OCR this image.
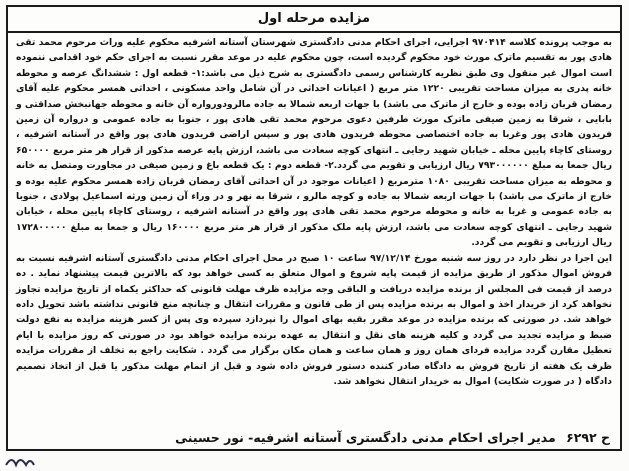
مزایده مرحله اول

به موجب پرونده کلاسه ۹۷۰۴۱۴ اجرایی، اجرای احکام مدنی دادگستری شهرستان آستانه اشرفیه محکوم علیه وراث مرحوم محمد تقی هادی پور به تقسیم ماترک مورث خود محکوم گردیده است، چون محکوم علیه در موعد مقرر نسبت به اجرای حکم خود اقدامی ننموده است اموال غیر منقول وی طبق نظریه کارشناس رسمی دادگستری به شرح ذیل می باشد:۱- قطعه اول : ششدانگ عرصه و محوطه خانه پدری به میزان مساحت تقریبی ۱۲۲۰ متر مربع ( اعیانات احداثی در آن شامل واحد مسکونی ، احداثی همسر محکوم علیه آقای رمضان قربان زاده بوده و خارج از ماترک می باشد) با جهات اربعه شمالا به جاده مالرودورواره آن خانه و محوطه جهانبخش صداقتی و بابایی ، شرقا به زمین صیفی ماترک مورث طرفین دعوی مرحوم محمد تقی هادی پور ، جنوبا به جاده عمومی و درواره آن زمین فریدون هادی پور وغربا به جاده اختصاصی محوطه فریدون هادی پور و سپس اراضی فریدون هادی پور واقع در آستانه اشرفیه ، روستای کاچاء پایین محله ـ خیابان شهید رجایی ـ انتهای کوچه سعادت می باشد، ارزش پایه عرصه مذکور از قرار هر متر مربع ۶۵۰۰۰۰ ریال جمعا به مبلغ ۷۹۳۰۰۰۰۰۰ ریال ارزیابی و تقویم می گردد.۲- قطعه دوم : یک قطعه باغ و زمین صیفی در مجاورت ومتصل به خانه و محوطه به میزان مساحت تقریبی ۱۰۸۰ مترمربع ( اعیانات موجود در آن احداثی آقای رمضان قربان زاده همسر محکوم علیه بوده و خارج از ماترک می باشد) با جهات اربعه شمالا به جاده و کوچه مالرو ، شرقا به نهر و در وراء آن زمین ورثه اسماعیل پولادی ، جنوبا به جاده عمومی و غربا به خانه و محوطه مرحوم محمد تقی هادی پور واقع در آستانه اشرفیه ، روستای کاچاء پایین محله ، خیابان شهید رجایی ـ انتهای کوچه سعادت می باشد، ارزش پایه ملک مذکور از قرار هر متر مربع ۱۶۰۰۰۰ ریال و جمعا به مبلغ ۱۷۲۸۰۰۰۰۰ ریال ارزیابی و تقویم می گردد.

این اجرا در نظر دارد در روز سه شنبه مورخ ۹۷/۱۲/۱۴ ساعت ۱۰ صبح در محل اجرای احکام مدنی دادگستری آستانه اشرفیه نسبت به فروش اموال مذکور از طریق مزایده از قیمت پایه شروع و اموال متعلق به کسی خواهد بود که بالاترین قیمت پیشنهاد نماید . ده درصد از قیمت فی المجلس از برنده مزایده دریافت و الباقی وجه مزایده ظرف مهلت قانونی که حداکثر یکماه از تاریخ مزایده تجاوز نخواهد کرد از خریدار اخذ و اموال به برنده مزایده پس از طی قانون و مقررات انتقال و چنانچه منع قانونی نداشته باشد تحویل داده خواهد شد. در صورتی که برنده مزایده در موعد مقرر بقیه بهای اموال را نپردازد سپرده وی پس از کسر هزینه مزایده به نفع دولت ضبط و مزایده تجدید می گردد و کلیه هزینه های نقل و انتقال به عهده برنده مزایده خواهد بود در صورتی که روز مزایده با ایام تعطیل مقارن گردد مزایده فردای همان روز و همان ساعت و همان مکان برگزار می گردد . شکایت راجع به تخلف از مقررات مزایده ظرف یک هفته از تاریخ فروش به دادگاه صادر کننده دستور فروش داده شود و قبل از اتمام مهلت مذکور یا قبل از اتخاذ تصمیم دادگاه ( در صورت شکایت) اموال به خریدار انتقال نخواهد شد.

ح ۶۲۹۲ مدیر اجرای احکام مدنی دادگستری آستانه اشرفیه- نور حسینی
